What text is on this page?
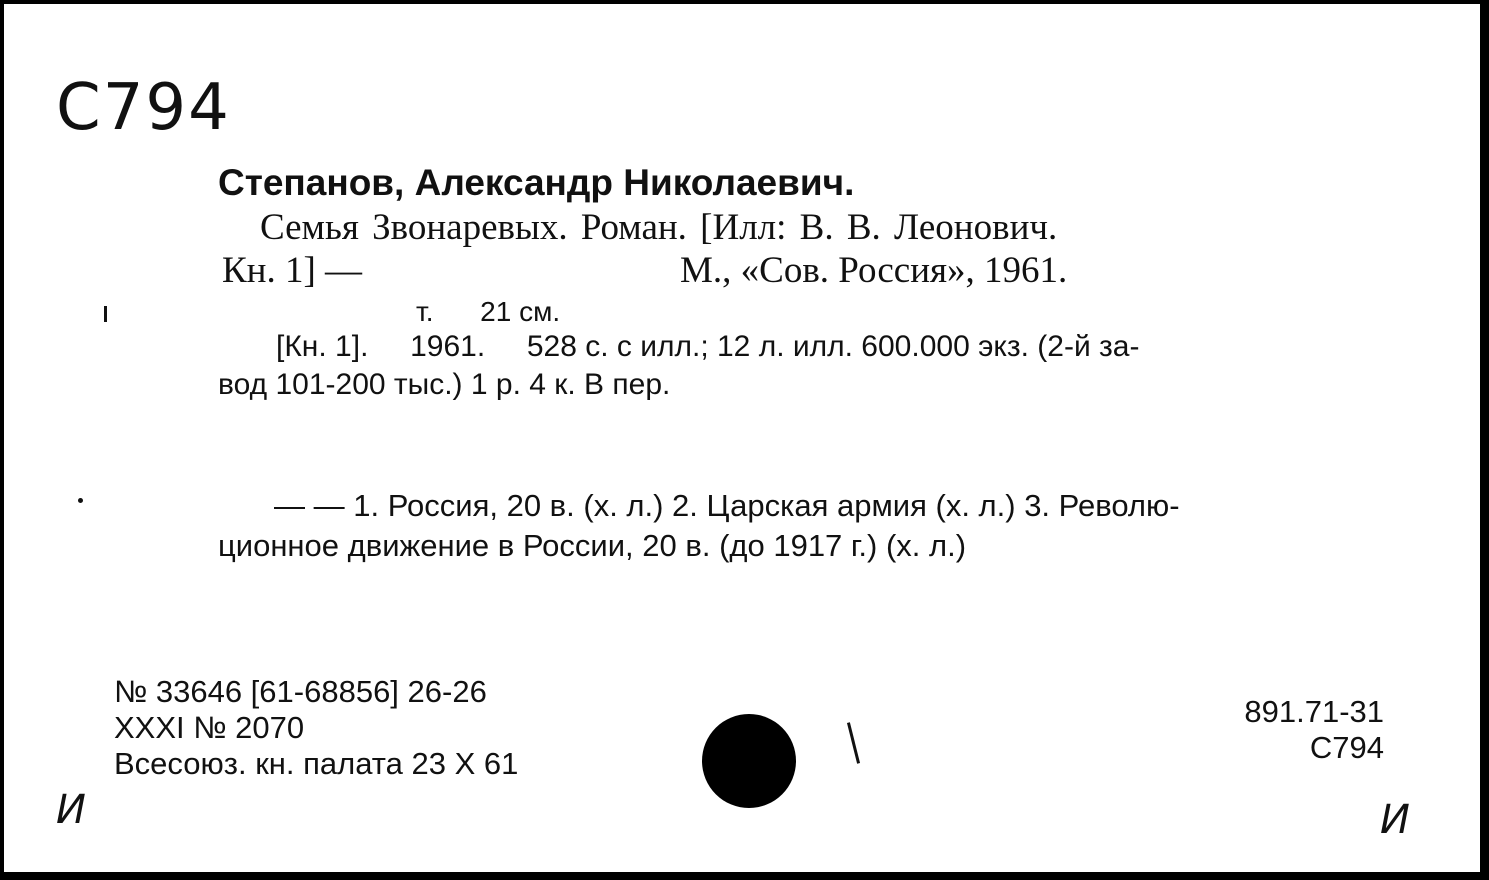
C794
Степанов, Александр Николаевич.
Семья Звонаревых. Роман. [Илл: В. В. Леонович.
Кн. 1] —	М., «Сов. Россия», 1961.
т.      21 см.
[Кн. 1].     1961.     528 с. с илл.; 12 л. илл. 600.000 экз. (2-й за-
вод 101-200 тыс.) 1 р. 4 к. В пер.
— — 1. Россия, 20 в. (х. л.) 2. Царская армия (х. л.) 3. Револю-
ционное движение в России, 20 в. (до 1917 г.) (х. л.)
№ 33646 [61-68856] 26-26
XXXI № 2070
Всесоюз. кн. палата 23 X 61
891.71-31
C794
И	И
